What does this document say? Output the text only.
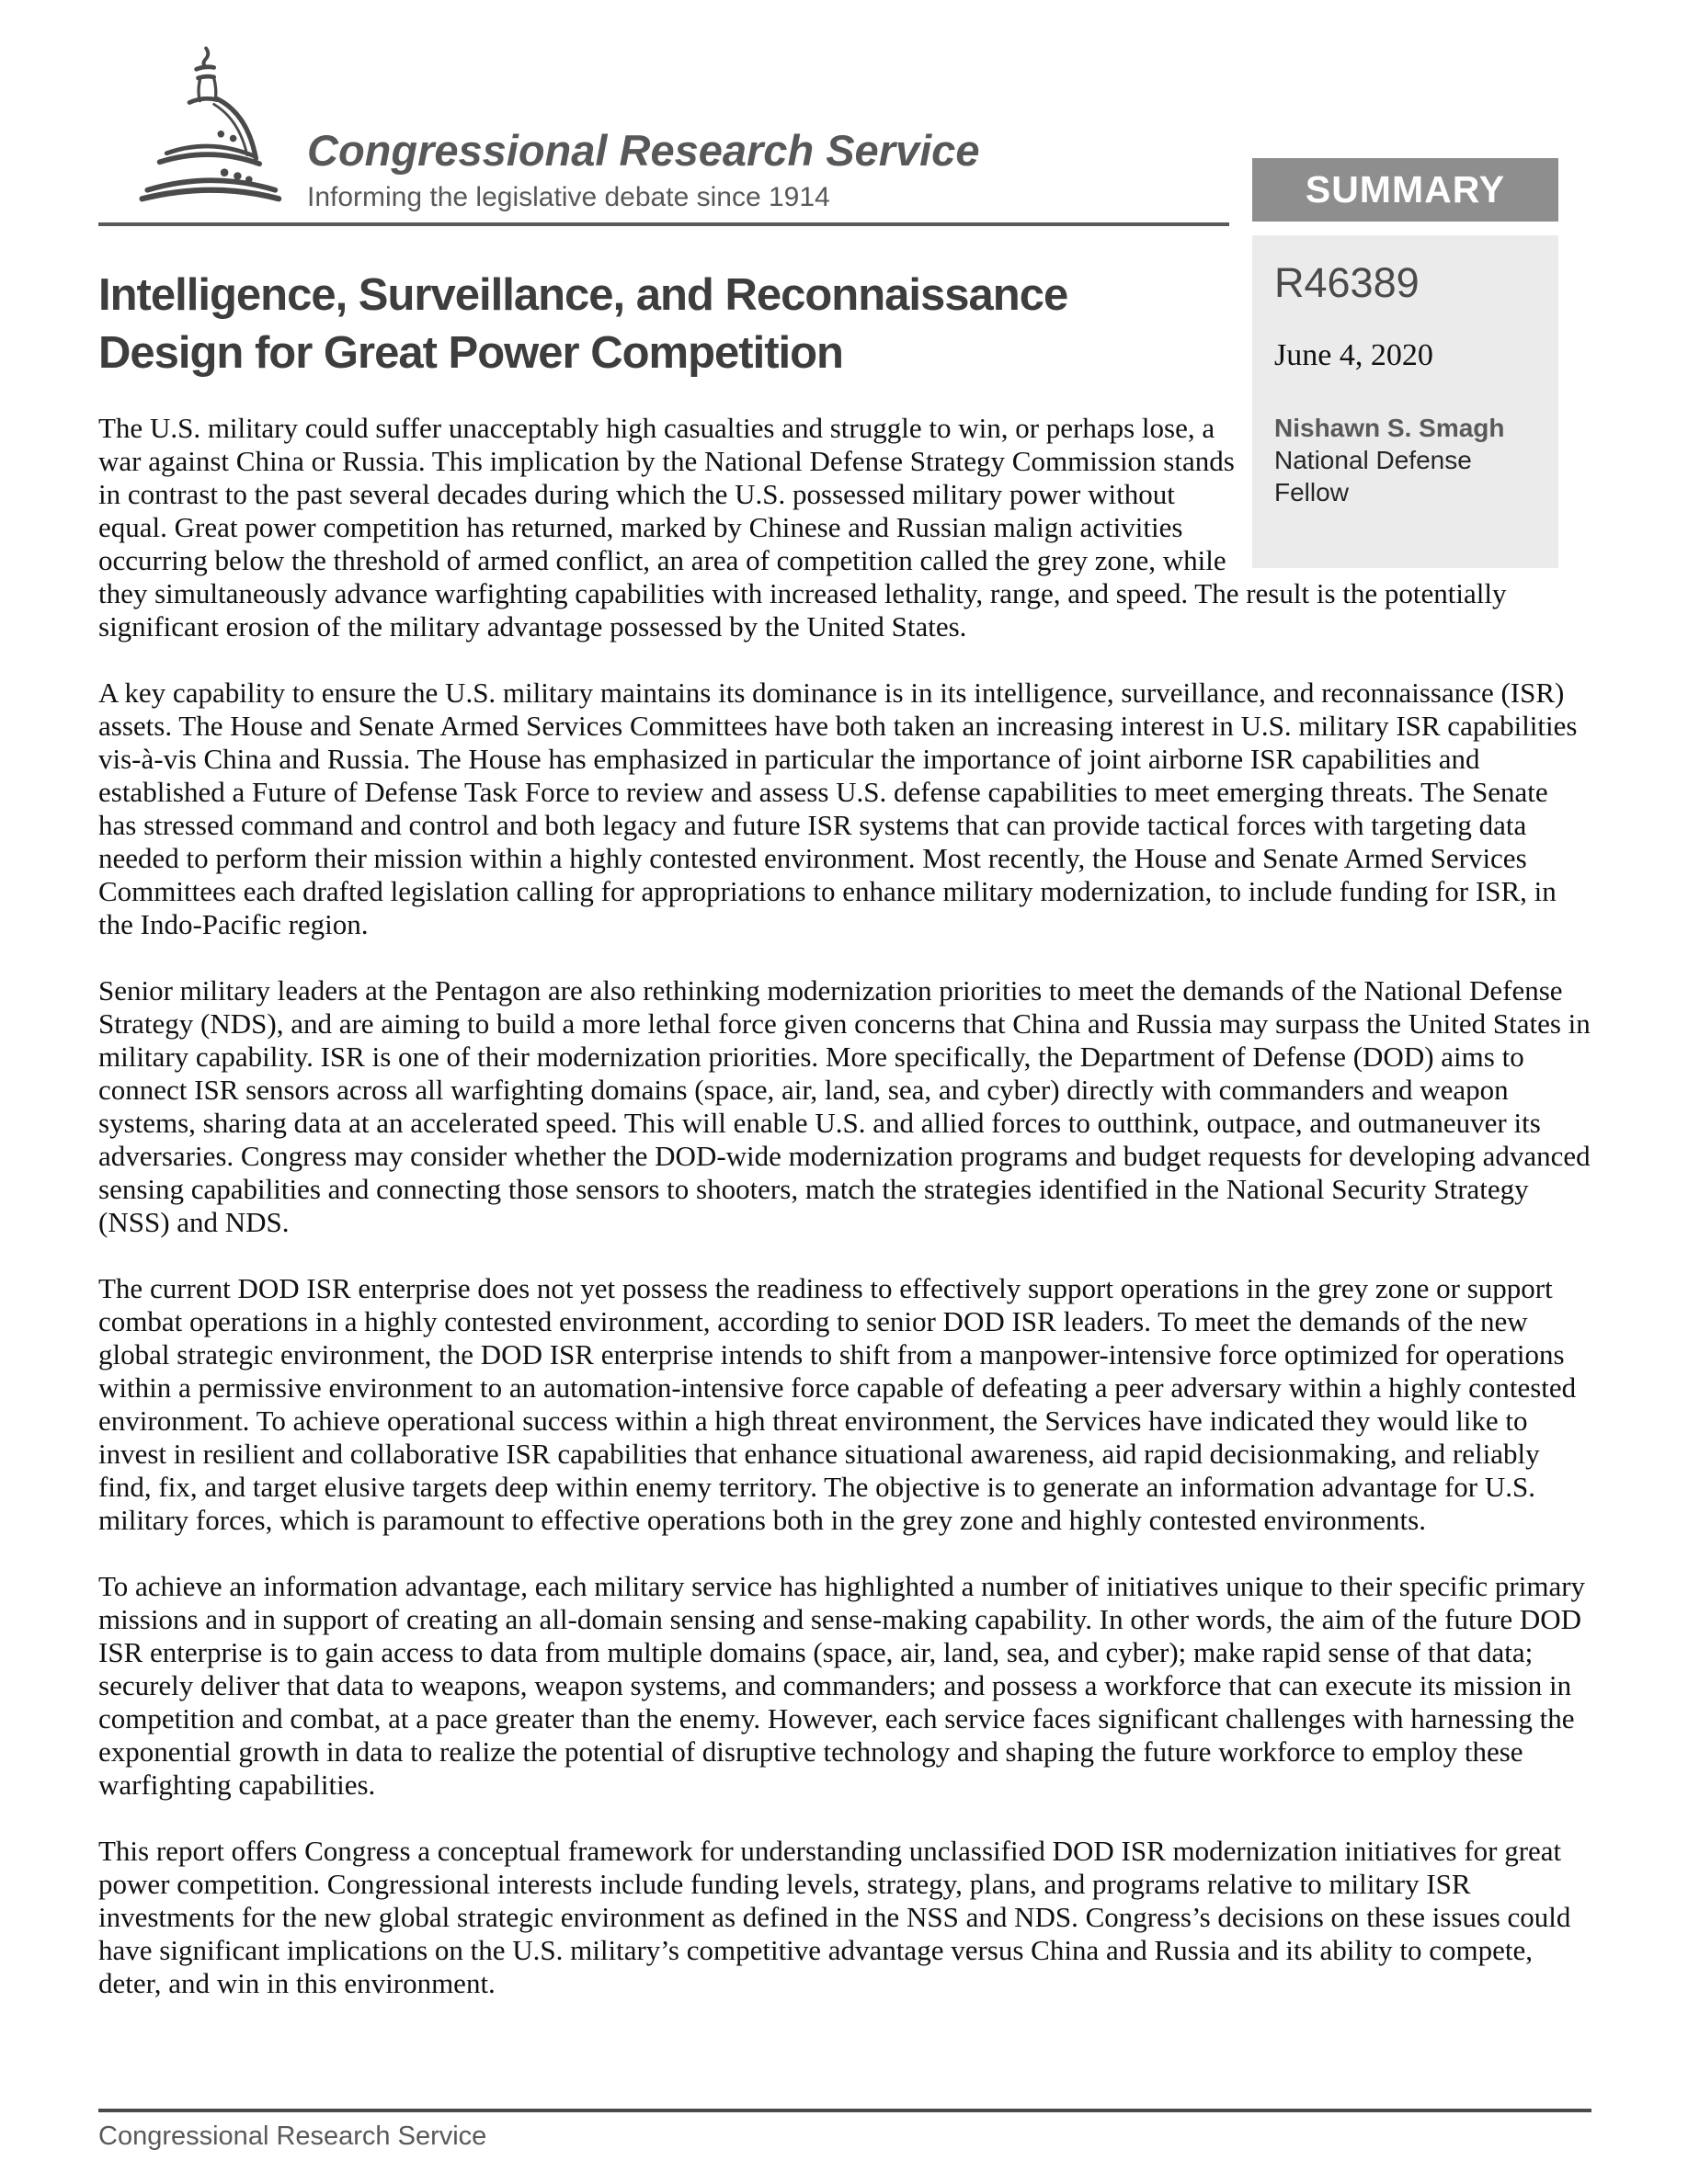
Congressional Research Service
Informing the legislative debate since 1914	SUMMARY
R46389
June 4, 2020
Nishawn S. Smagh
National Defense Fellow
Intelligence, Surveillance, and Reconnaissance
Design for Great Power Competition

The U.S. military could suffer unacceptably high casualties and struggle to win, or perhaps lose, a war against China or Russia. This implication by the National Defense Strategy Commission stands in contrast to the past several decades during which the U.S. possessed military power without equal. Great power competition has returned, marked by Chinese and Russian malign activities occurring below the threshold of armed conflict, an area of competition called the grey zone, while they simultaneously advance warfighting capabilities with increased lethality, range, and speed. The result is the potentially significant erosion of the military advantage possessed by the United States.

A key capability to ensure the U.S. military maintains its dominance is in its intelligence, surveillance, and reconnaissance (ISR) assets. The House and Senate Armed Services Committees have both taken an increasing interest in U.S. military ISR capabilities vis-à-vis China and Russia. The House has emphasized in particular the importance of joint airborne ISR capabilities and established a Future of Defense Task Force to review and assess U.S. defense capabilities to meet emerging threats. The Senate has stressed command and control and both legacy and future ISR systems that can provide tactical forces with targeting data needed to perform their mission within a highly contested environment. Most recently, the House and Senate Armed Services Committees each drafted legislation calling for appropriations to enhance military modernization, to include funding for ISR, in the Indo-Pacific region.

Senior military leaders at the Pentagon are also rethinking modernization priorities to meet the demands of the National Defense Strategy (NDS), and are aiming to build a more lethal force given concerns that China and Russia may surpass the United States in military capability. ISR is one of their modernization priorities. More specifically, the Department of Defense (DOD) aims to connect ISR sensors across all warfighting domains (space, air, land, sea, and cyber) directly with commanders and weapon systems, sharing data at an accelerated speed. This will enable U.S. and allied forces to outthink, outpace, and outmaneuver its adversaries. Congress may consider whether the DOD-wide modernization programs and budget requests for developing advanced sensing capabilities and connecting those sensors to shooters, match the strategies identified in the National Security Strategy (NSS) and NDS.

The current DOD ISR enterprise does not yet possess the readiness to effectively support operations in the grey zone or support combat operations in a highly contested environment, according to senior DOD ISR leaders. To meet the demands of the new global strategic environment, the DOD ISR enterprise intends to shift from a manpower-intensive force optimized for operations within a permissive environment to an automation-intensive force capable of defeating a peer adversary within a highly contested environment. To achieve operational success within a high threat environment, the Services have indicated they would like to invest in resilient and collaborative ISR capabilities that enhance situational awareness, aid rapid decisionmaking, and reliably find, fix, and target elusive targets deep within enemy territory. The objective is to generate an information advantage for U.S. military forces, which is paramount to effective operations both in the grey zone and highly contested environments.

To achieve an information advantage, each military service has highlighted a number of initiatives unique to their specific primary missions and in support of creating an all-domain sensing and sense-making capability. In other words, the aim of the future DOD ISR enterprise is to gain access to data from multiple domains (space, air, land, sea, and cyber); make rapid sense of that data; securely deliver that data to weapons, weapon systems, and commanders; and possess a workforce that can execute its mission in competition and combat, at a pace greater than the enemy. However, each service faces significant challenges with harnessing the exponential growth in data to realize the potential of disruptive technology and shaping the future workforce to employ these warfighting capabilities.

This report offers Congress a conceptual framework for understanding unclassified DOD ISR modernization initiatives for great power competition. Congressional interests include funding levels, strategy, plans, and programs relative to military ISR investments for the new global strategic environment as defined in the NSS and NDS. Congress’s decisions on these issues could have significant implications on the U.S. military’s competitive advantage versus China and Russia and its ability to compete, deter, and win in this environment.

Congressional Research Service
